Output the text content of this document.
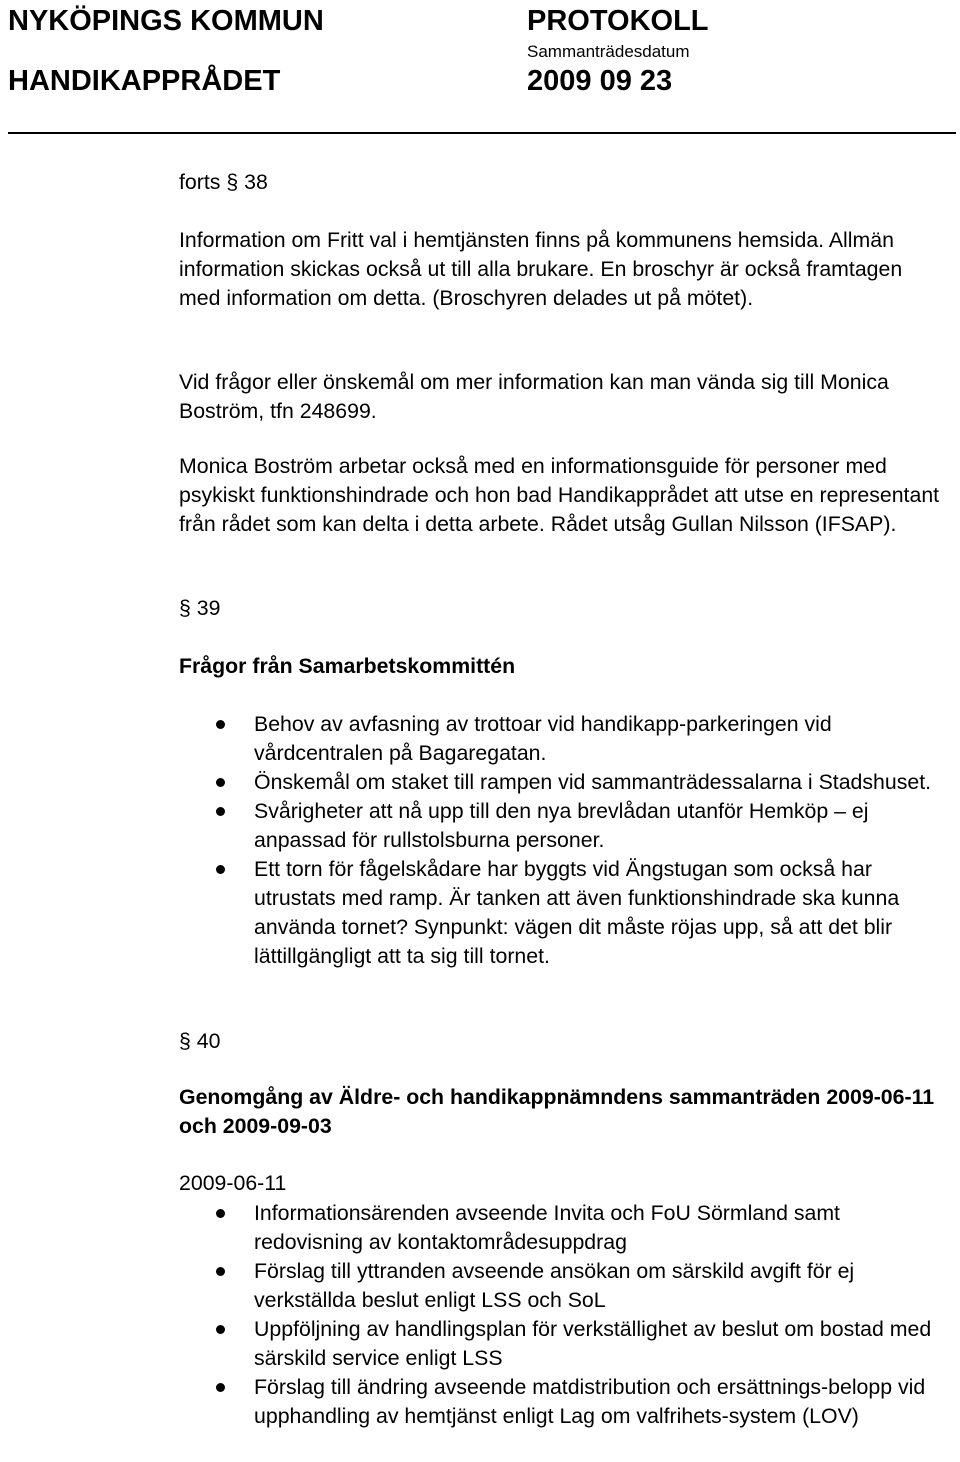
NYKÖPINGS KOMMUN
HANDIKAPPRÅDET
PROTOKOLL
Sammanträdesdatum
2009 09 23
forts § 38

Information om Fritt val i hemtjänsten finns på kommunens hemsida. Allmän information skickas också ut till alla brukare. En broschyr är också framtagen med information om detta. (Broschyren delades ut på mötet).

Vid frågor eller önskemål om mer information kan man vända sig till Monica Boström, tfn 248699.

Monica Boström arbetar också med en informationsguide för personer med psykiskt funktionshindrade och hon bad Handikapprådet att utse en representant från rådet som kan delta i detta arbete. Rådet utsåg Gullan Nilsson (IFSAP).

§ 39

Frågor från Samarbetskommittén

Behov av avfasning av trottoar vid handikapp-parkeringen vid vårdcentralen på Bagaregatan.
Önskemål om staket till rampen vid sammanträdessalarna i Stadshuset.
Svårigheter att nå upp till den nya brevlådan utanför Hemköp – ej anpassad för rullstolsburna personer.
Ett torn för fågelskådare har byggts vid Ängstugan som också har utrustats med ramp. Är tanken att även funktionshindrade ska kunna använda tornet? Synpunkt: vägen dit måste röjas upp, så att det blir lättillgängligt att ta sig till tornet.
§ 40

Genomgång av Äldre- och handikappnämndens sammanträden 2009-06-11 och 2009-09-03

2009-06-11
Informationsärenden avseende Invita och FoU Sörmland samt redovisning av kontaktområdesuppdrag
Förslag till yttranden avseende ansökan om särskild avgift för ej verkställda beslut enligt LSS och SoL
Uppföljning av handlingsplan för verkställighet av beslut om bostad med särskild service enligt LSS
Förslag till ändring avseende matdistribution och ersättnings-belopp vid upphandling av hemtjänst enligt Lag om valfrihets-system (LOV)
